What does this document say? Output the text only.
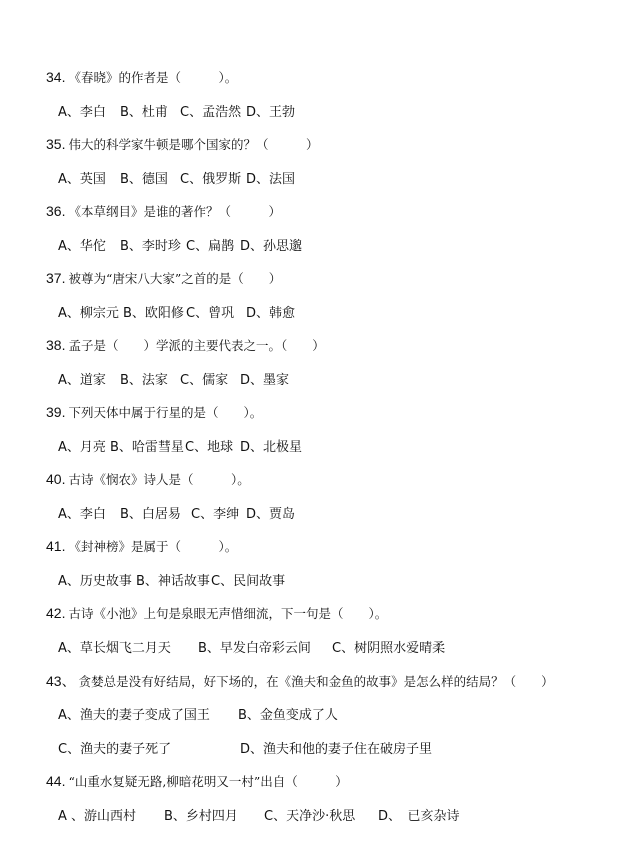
34. 《春晓》的作者是（　　　）。
A、李白 B、杜甫 C、孟浩然 D、王勃
35. 伟大的科学家牛顿是哪个国家的？（　　　）
A、英国 B、德国 C、俄罗斯 D、法国
36. 《本草纲目》是谁的著作？（　　　）
A、华佗 B、李时珍 C、扁鹊 D、孙思邈
37. 被尊为“唐宋八大家”之首的是（　　）
A、柳宗元 B、欧阳修 C、曾巩 D、韩愈
38. 孟子是（　　）学派的主要代表之一。（　　）
A、道家 B、法家 C、儒家 D、墨家
39. 下列天体中属于行星的是（　　）。
A、月亮 B、哈雷彗星 C、地球 D、北极星
40. 古诗《悯农》诗人是（　　　）。
A、李白 B、白居易 C、李绅 D、贾岛
41. 《封神榜》是属于（　　　）。
A、历史故事 B、神话故事 C、民间故事
42. 古诗《小池》上句是泉眼无声惜细流，下一句是（　　）。
A、草长烟飞二月天 B、早发白帝彩云间 C、树阴照水爱晴柔
43、 贪婪总是没有好结局，好下场的，在《渔夫和金鱼的故事》是怎么样的结局？（　　）
A、渔夫的妻子变成了国王 B、金鱼变成了人
C、渔夫的妻子死了	D、渔夫和他的妻子住在破房子里
44. “山重水复疑无路,柳暗花明又一村”出自（　　　）
A 、游山西村 B、乡村四月 C、天净沙·秋思 D、　已亥杂诗
